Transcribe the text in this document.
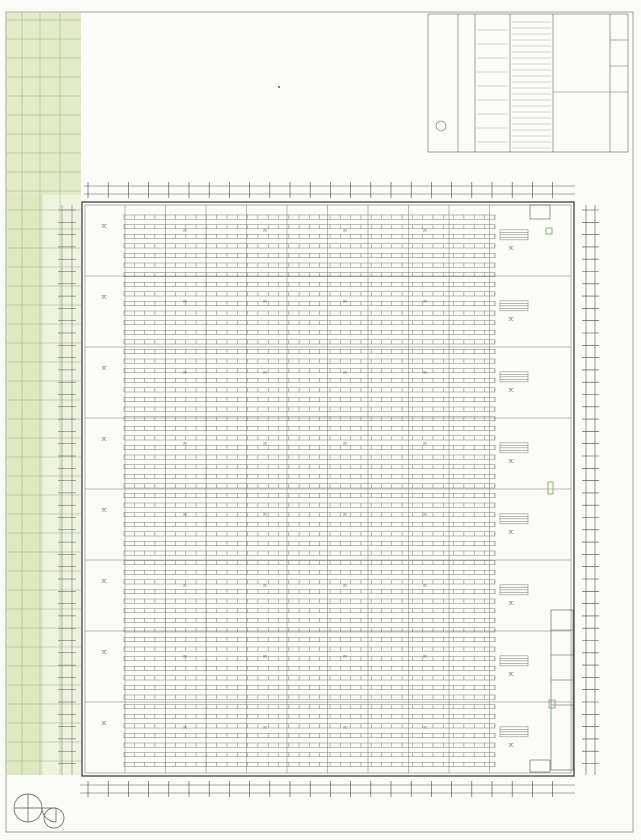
3C
3C
3C	3C	3C	3C
3C
3C
3C	3C	3C	3C
3C
3C
3C	3C	3C	3C
3C
3C
3C	3C	3C	3C
3C
3C
3C	3C	3C	3C
3C
3C
3C	3C	3C	3C
3C
3C
3C	3C	3C	3C
3C
3C
3C	3C	3C	3C
